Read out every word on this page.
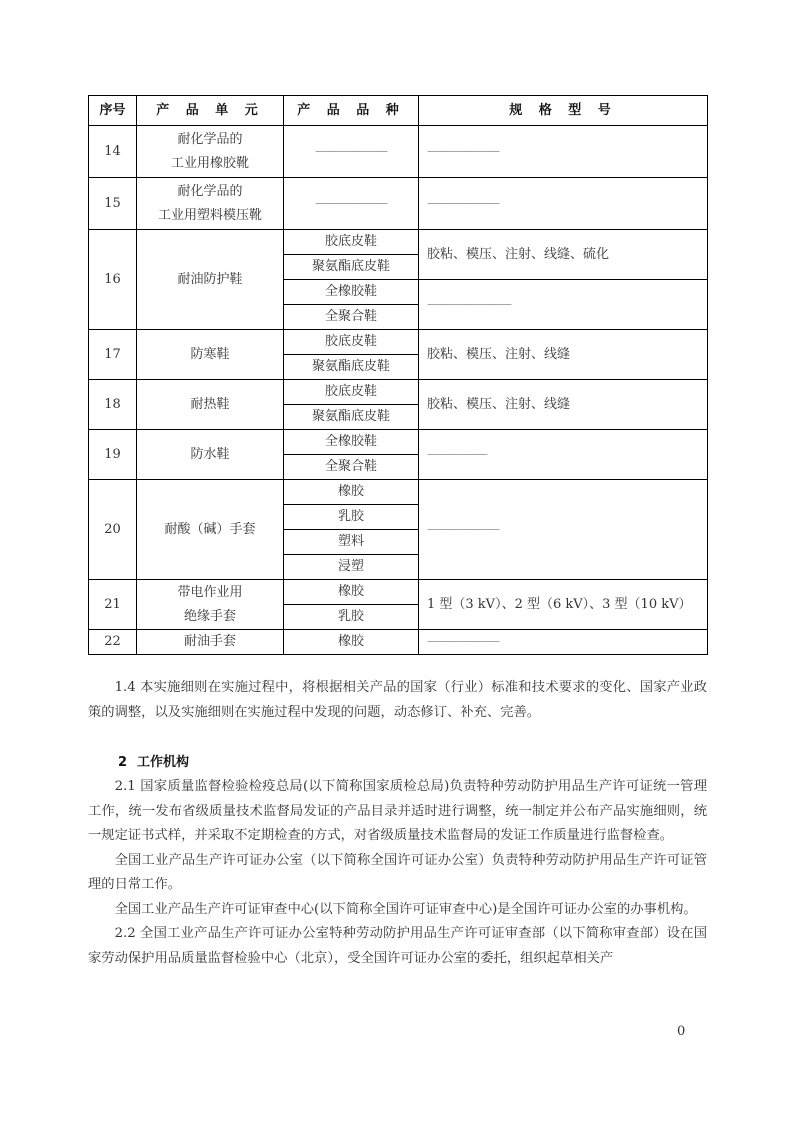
序号	产 品 单 元	产 品 品 种	规 格 型 号
14	耐化学品的
工业用橡胶靴	——————	——————
15	耐化学品的
工业用塑料模压靴	——————	——————
16	耐油防护鞋	胶底皮鞋	胶粘、模压、注射、线缝、硫化
		聚氨酯底皮鞋	
		全橡胶鞋	———————
		全聚合鞋	
17	防寒鞋	胶底皮鞋	胶粘、模压、注射、线缝
		聚氨酯底皮鞋	
18	耐热鞋	胶底皮鞋	胶粘、模压、注射、线缝
		聚氨酯底皮鞋	
19	防水鞋	全橡胶鞋	—————
		全聚合鞋	
20	耐酸（碱）手套	橡胶	——————
		乳胶	
		塑料	
		浸塑	
21	带电作业用
绝缘手套	橡胶	1 型（3 kV）、2 型（6 kV）、3 型（10 kV）
		乳胶	
22	耐油手套	橡胶	——————

1.4 本实施细则在实施过程中，将根据相关产品的国家（行业）标准和技术要求的变化、国家产业政策的调整，以及实施细则在实施过程中发现的问题，动态修订、补充、完善。

2 工作机构

2.1 国家质量监督检验检疫总局(以下简称国家质检总局)负责特种劳动防护用品生产许可证统一管理工作，统一发布省级质量技术监督局发证的产品目录并适时进行调整，统一制定并公布产品实施细则，统一规定证书式样，并采取不定期检查的方式，对省级质量技术监督局的发证工作质量进行监督检查。

全国工业产品生产许可证办公室（以下简称全国许可证办公室）负责特种劳动防护用品生产许可证管理的日常工作。

全国工业产品生产许可证审查中心(以下简称全国许可证审查中心)是全国许可证办公室的办事机构。

2.2 全国工业产品生产许可证办公室特种劳动防护用品生产许可证审查部（以下简称审查部）设在国家劳动保护用品质量监督检验中心（北京），受全国许可证办公室的委托，组织起草相关产

0
